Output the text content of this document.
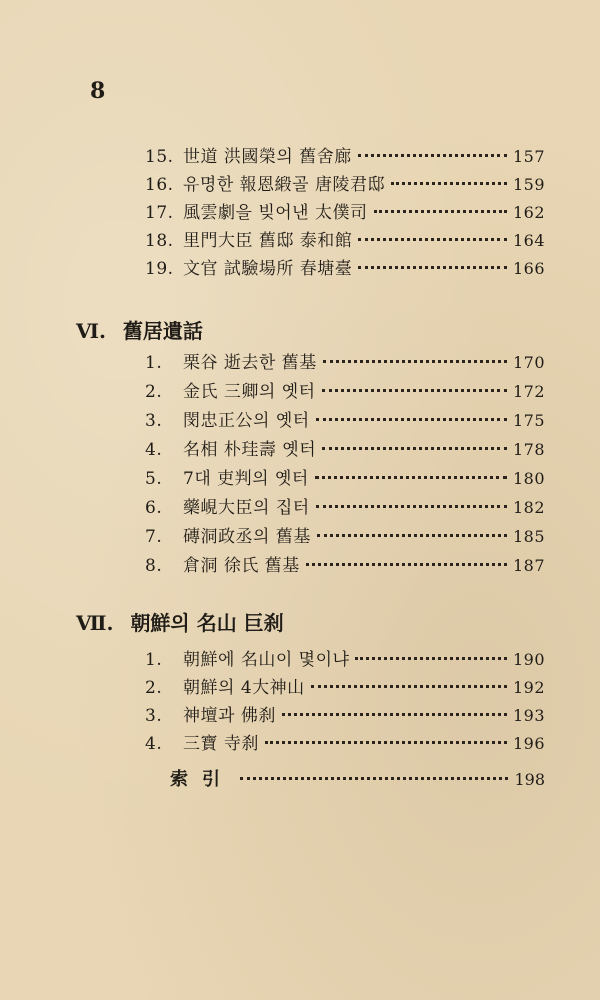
8
15. 世道 洪國榮의 舊舍廊	157
16. 유명한 報恩緞골 唐陵君邸	159
17. 風雲劇을 빚어낸 太僕司	162
18. 里門大臣 舊邸 泰和館	164
19. 文官 試驗場所 春塘臺	166
Ⅵ. 舊居遺話
1.	栗谷 逝去한 舊基	170
2.	金氏 三卿의 옛터	172
3.	閔忠正公의 옛터	175
4.	名相 朴珪壽 옛터	178
5.	7대 吏判의 옛터	180
6.	藥峴大臣의 집터	182
7.	磚洞政丞의 舊基	185
8.	倉洞 徐氏 舊基	187
Ⅶ. 朝鮮의 名山 巨刹
1.	朝鮮에 名山이 몇이냐	190
2.	朝鮮의 4大神山	192
3.	神壇과 佛刹	193
4.	三寶 寺刹	196
索引	198
